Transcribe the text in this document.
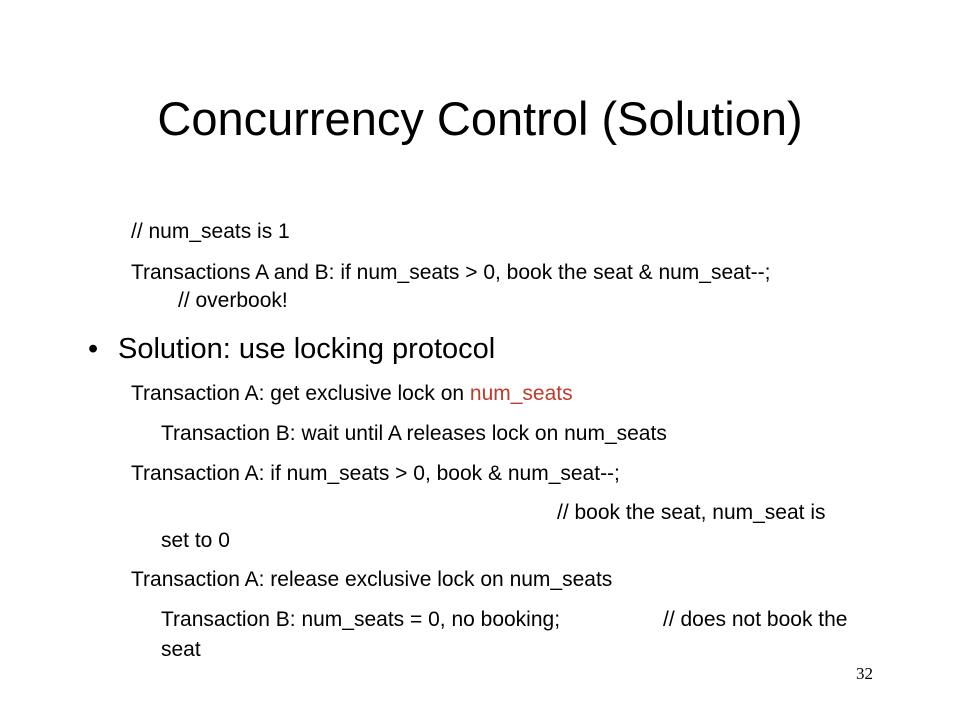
Concurrency Control (Solution)
// num_seats is 1
Transactions A and B: if num_seats > 0, book the seat & num_seat--;
// overbook!
• Solution: use locking protocol
Transaction A: get exclusive lock on num_seats
Transaction B: wait until A releases lock on num_seats
Transaction A: if num_seats > 0, book & num_seat--;
// book the seat, num_seat is
set to 0
Transaction A: release exclusive lock on num_seats
Transaction B: num_seats = 0, no booking;	// does not book the
seat
32
